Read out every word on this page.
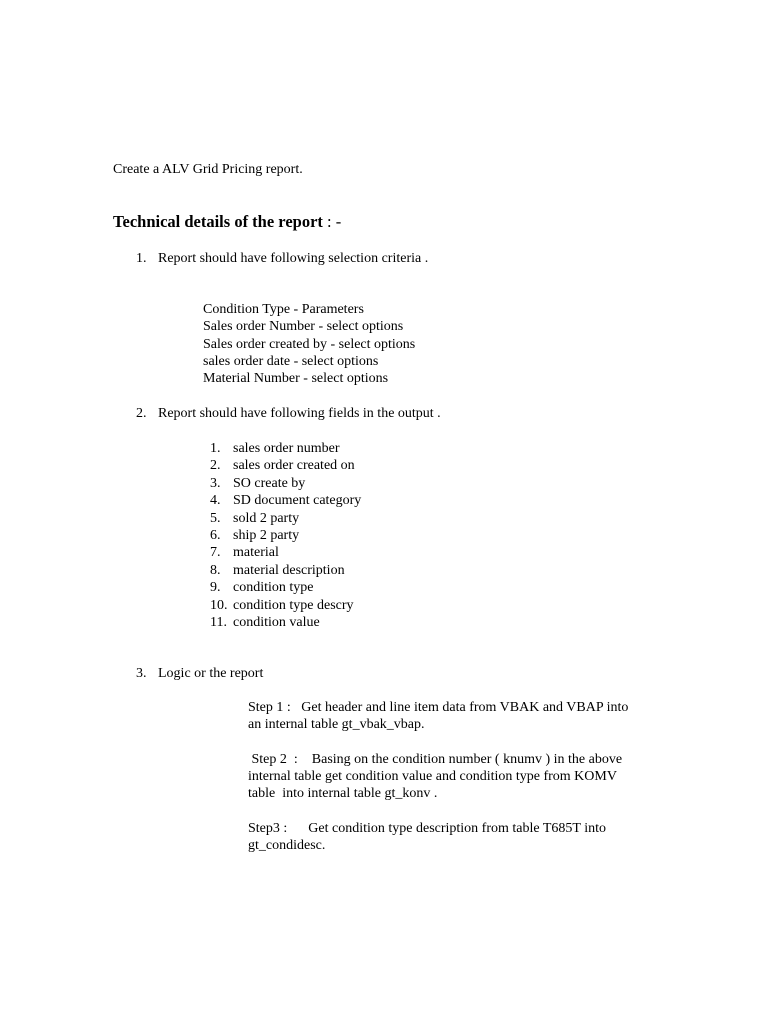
Create a ALV Grid Pricing report.
Technical details of the report : -
1. Report should have following selection criteria .
Condition Type - Parameters
Sales order Number - select options
Sales order created by - select options
sales order date - select options
Material Number - select options
2. Report should have following fields in the output .
1. sales order number
2. sales order created on
3. SO create by
4. SD document category
5. sold 2 party
6. ship 2 party
7. material
8. material description
9. condition type
10. condition type descry
11. condition value
3. Logic or the report
Step 1 :   Get header and line item data from VBAK and VBAP into
an internal table gt_vbak_vbap.
Step 2  :    Basing on the condition number ( knumv ) in the above
internal table get condition value and condition type from KOMV
table  into internal table gt_konv .
Step3 :      Get condition type description from table T685T into
gt_condidesc.
